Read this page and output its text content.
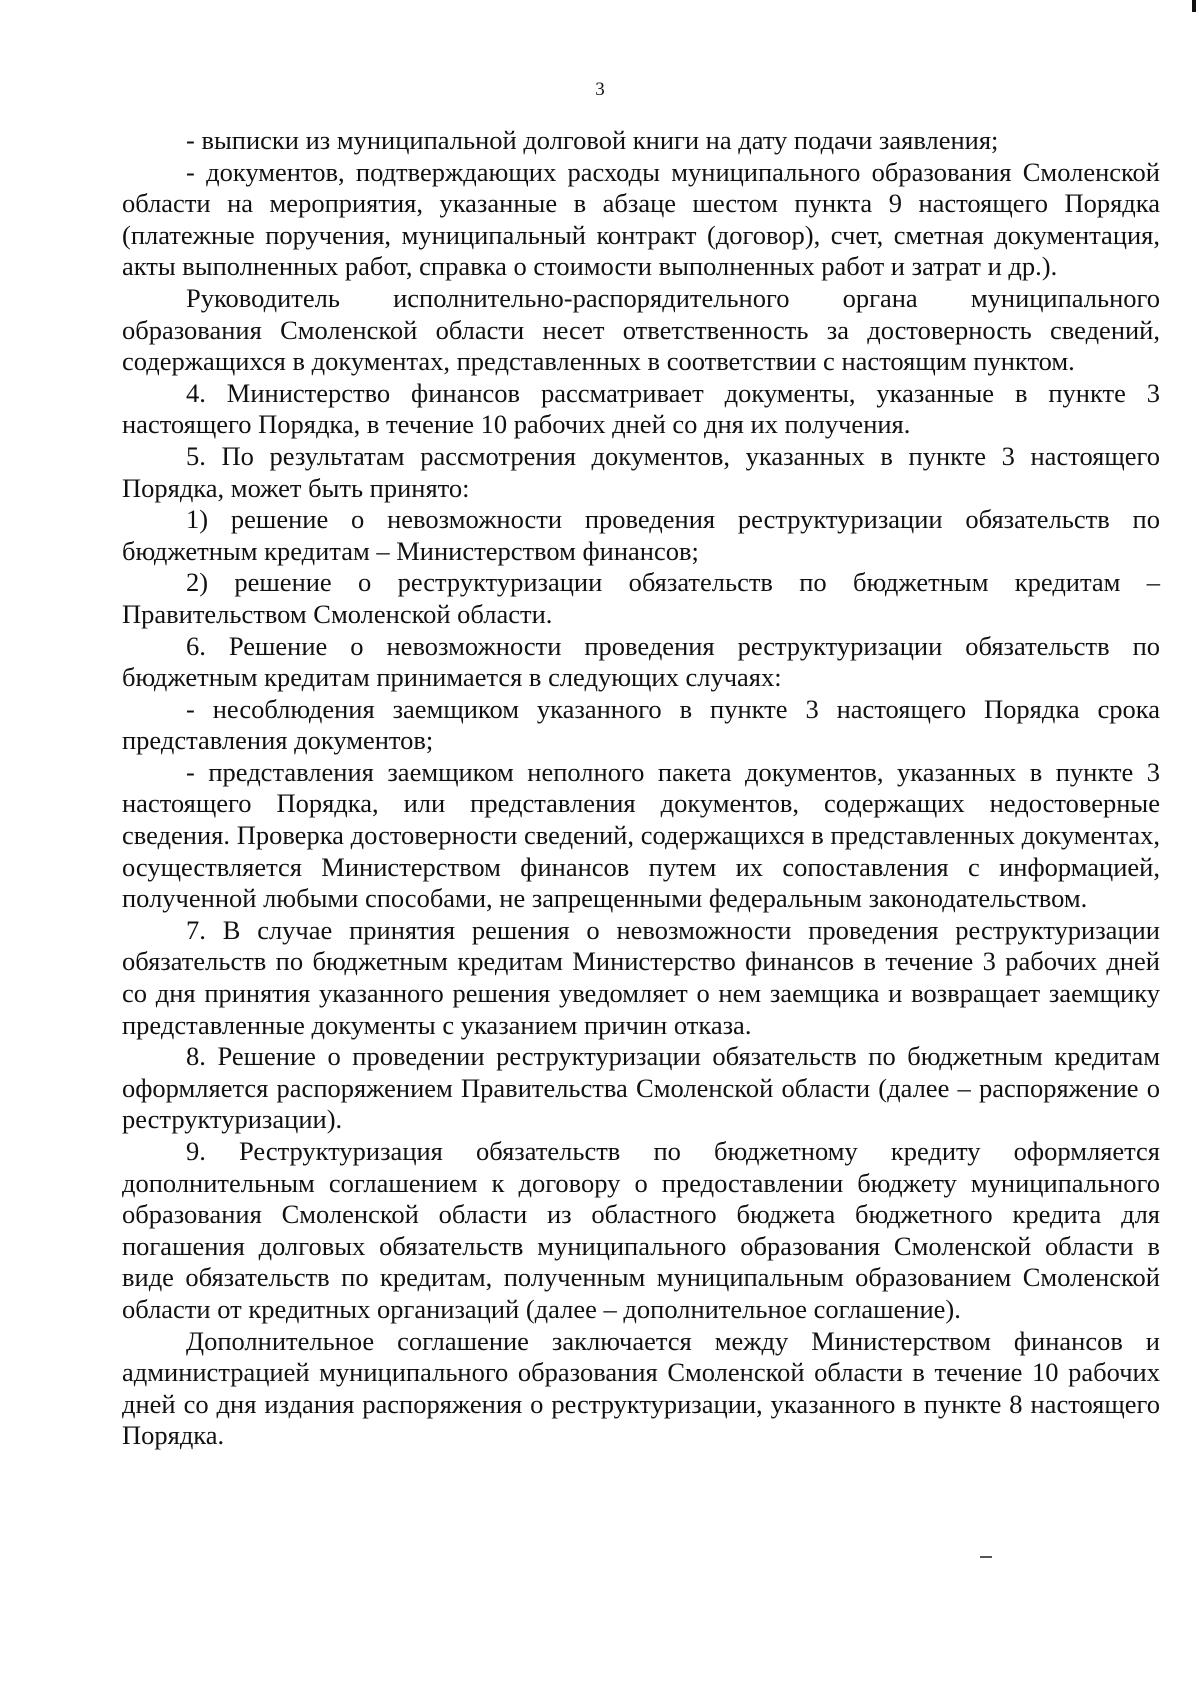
3

- выписки из муниципальной долговой книги на дату подачи заявления;

- документов, подтверждающих расходы муниципального образования Смоленской области на мероприятия, указанные в абзаце шестом пункта 9 настоящего Порядка (платежные поручения, муниципальный контракт (договор), счет, сметная документация, акты выполненных работ, справка о стоимости выполненных работ и затрат и др.).

Руководитель исполнительно-распорядительного органа муниципального образования Смоленской области несет ответственность за достоверность сведений, содержащихся в документах, представленных в соответствии с настоящим пунктом.

4. Министерство финансов рассматривает документы, указанные в пункте 3 настоящего Порядка, в течение 10 рабочих дней со дня их получения.

5. По результатам рассмотрения документов, указанных в пункте 3 настоящего Порядка, может быть принято:

1) решение о невозможности проведения реструктуризации обязательств по бюджетным кредитам – Министерством финансов;

2) решение о реструктуризации обязательств по бюджетным кредитам – Правительством Смоленской области.

6. Решение о невозможности проведения реструктуризации обязательств по бюджетным кредитам принимается в следующих случаях:

- несоблюдения заемщиком указанного в пункте 3 настоящего Порядка срока представления документов;

- представления заемщиком неполного пакета документов, указанных в пункте 3 настоящего Порядка, или представления документов, содержащих недостоверные сведения. Проверка достоверности сведений, содержащихся в представленных документах, осуществляется Министерством финансов путем их сопоставления с информацией, полученной любыми способами, не запрещенными федеральным законодательством.

7. В случае принятия решения о невозможности проведения реструктуризации обязательств по бюджетным кредитам Министерство финансов в течение 3 рабочих дней со дня принятия указанного решения уведомляет о нем заемщика и возвращает заемщику представленные документы с указанием причин отказа.

8. Решение о проведении реструктуризации обязательств по бюджетным кредитам оформляется распоряжением Правительства Смоленской области (далее – распоряжение о реструктуризации).

9. Реструктуризация обязательств по бюджетному кредиту оформляется дополнительным соглашением к договору о предоставлении бюджету муниципального образования Смоленской области из областного бюджета бюджетного кредита для погашения долговых обязательств муниципального образования Смоленской области в виде обязательств по кредитам, полученным муниципальным образованием Смоленской области от кредитных организаций (далее – дополнительное соглашение).

Дополнительное соглашение заключается между Министерством финансов и администрацией муниципального образования Смоленской области в течение 10 рабочих дней со дня издания распоряжения о реструктуризации, указанного в пункте 8 настоящего Порядка.
